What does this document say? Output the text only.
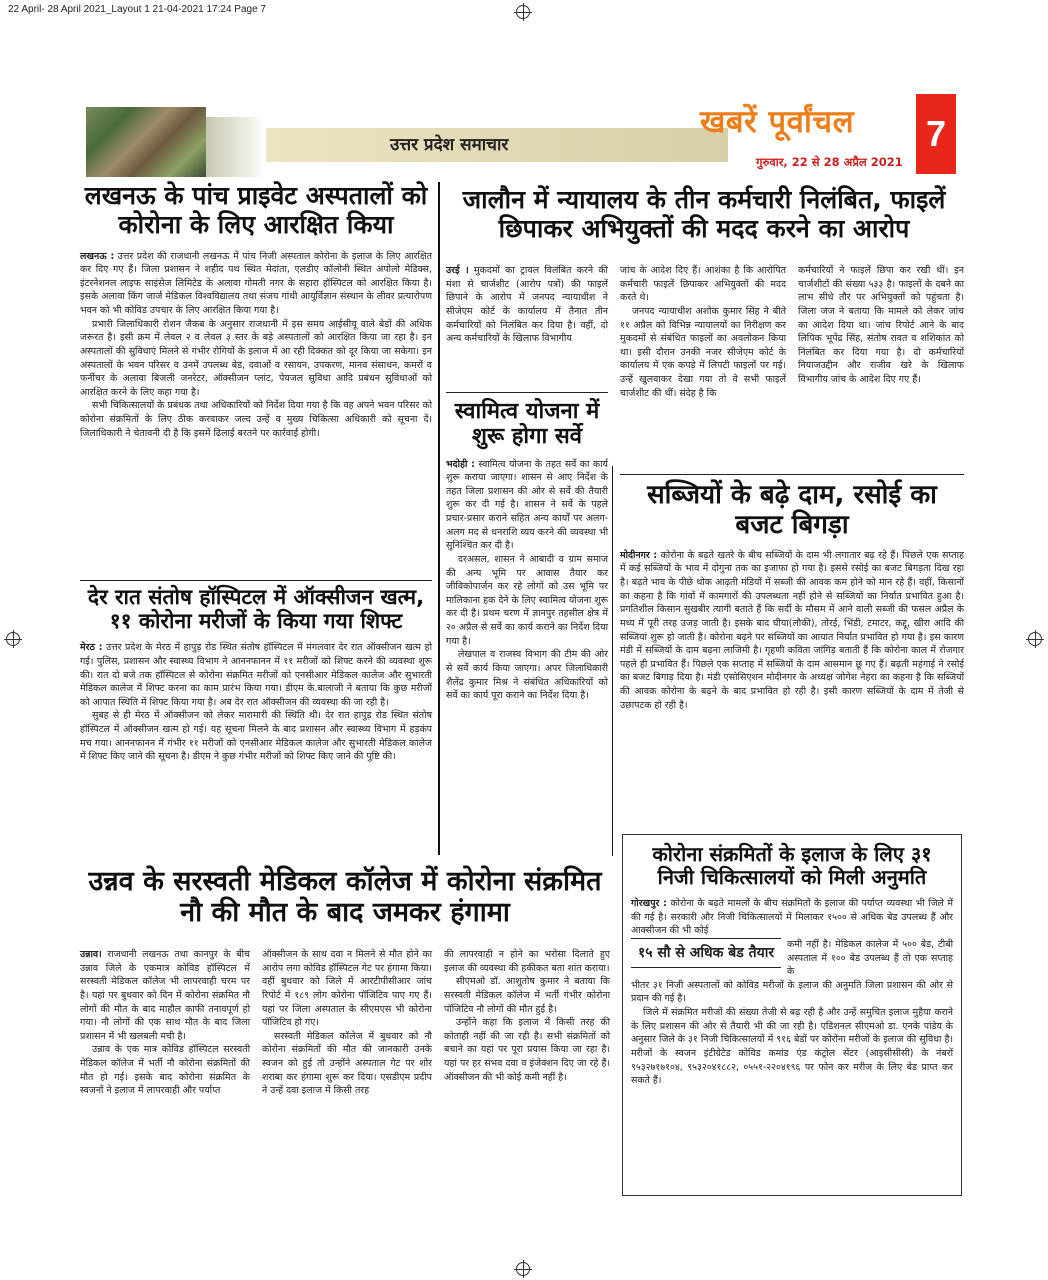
22 April- 28 April 2021_Layout 1 21-04-2021 17:24 Page 7
उत्तर प्रदेश समाचार
खबरें पूर्वांचल
गुरुवार, 22 से 28 अप्रैल 2021
7
लखनऊ के पांच प्राइवेट अस्पतालों को कोरोना के लिए आरक्षित किया

लखनऊ : उत्तर प्रदेश की राजधानी लखनऊ में पांच निजी अस्पताल कोरोना के इलाज के लिए आरक्षित कर दिए गए हैं। जिला प्रशासन ने शहीद पथ स्थित मेदांता, एलडीए कॉलोनी स्थित अपोलो मेडिक्स, इंटरनेशनल लाइफ साइंसेज लिमिटेड के अलावा गोमती नगर के सहारा हॉस्पिटल को आरक्षित किया है। इसके अलावा किंग जार्ज मेडिकल विश्वविद्यालय तथा संजय गांधी आयुर्विज्ञान संस्थान के लीवर प्रत्यारोपण भवन को भी कोविड उपचार के लिए आरक्षित किया गया है।

प्रभारी जिलाधिकारी रोशन जैकब के अनुसार राजधानी में इस समय आईसीयू वाले बेडों की अधिक जरूरत है। इसी क्रम में लेवल २ व लेवल ३ स्तर के बड़े अस्पतालों को आरक्षित किया जा रहा है। इन अस्पतालों की सुविधाएं मिलने से गंभीर रोगियों के इलाज में आ रही दिक्कत को दूर किया जा सकेगा। इन अस्पतालों के भवन परिसर व उनमें उपलब्ध बेड, दवाओं व रसायन, उपकरण, मानव संसाधन, कमरों व फर्नीचर के अलावा बिजली जनरेटर, ऑक्सीजन प्लांट, पेयजल सुविधा आदि प्रबंधन सुविधाओं को आरक्षित करने के लिए कहा गया है।

सभी चिकित्सालयों के प्रबंधक तथा अधिकारियों को निर्देश दिया गया है कि वह अपने भवन परिसर को कोरोना संक्रमितों के लिए ठीक करवाकर जल्द उन्हें व मुख्य चिकित्सा अधिकारी को सूचना दें। जिलाधिकारी ने चेतावनी दी है कि इसमें ढिलाई बरतने पर कार्रवाई होगी।

जालौन में न्यायालय के तीन कर्मचारी निलंबित, फाइलें छिपाकर अभियुक्तों की मदद करने का आरोप

उरई । मुकदमों का ट्रायल विलंबित करने की मंशा से चार्जशीट (आरोप पत्रों) की फाइलें छिपाने के आरोप में जनपद न्यायाधीश ने सीजेएम कोर्ट के कार्यालय में तैनात तीन कर्मचारियों को निलंबित कर दिया है। वहीं, दो अन्य कर्मचारियों के खिलाफ विभागीय

जांच के आदेश दिए हैं। आशंका है कि आरोपित कर्मचारी फाइलें छिपाकर अभियुक्तों की मदद करते थे।

जनपद न्यायाधीश अशोक कुमार सिंह ने बीते ११ अप्रैल को विभिन्न न्यायालयों का निरीक्षण कर मुकदमों से संबंधित फाइलों का अवलोकन किया था। इसी दौरान उनकी नजर सीजेएम कोर्ट के कार्यालय में एक कपड़े में लिपटी फाइलों पर गई। उन्हें खुलवाकर देखा गया तो वे सभी फाइलें चार्जशीट की थीं। संदेह है कि

कर्मचारियों ने फाइलें छिपा कर रखी थीं। इन चार्जशीटों की संख्या ५३३ है। फाइलों के दबने का लाभ सीधे तौर पर अभियुक्तों को पहुंचता है। जिला जज ने बताया कि मामले को लेकर जांच का आदेश दिया था। जांच रिपोर्ट आने के बाद लिपिक भूपेंद्र सिंह, संतोष रावत व शशिकांत को निलंबित कर दिया गया है। दो कर्मचारियों नियाजउद्दीन और राजीव खरे के खिलाफ विभागीय जांच के आदेश दिए गए हैं।

स्वामित्व योजना में शुरू होगा सर्वे

भदोही : स्वामित्व योजना के तहत सर्वे का कार्य शुरू कराया जाएगा। शासन से आए निर्देश के तहत जिला प्रशासन की ओर से सर्वे की तैयारी शुरू कर दी गई है। शासन ने सर्वे के पहले प्रचार-प्रसार कराने सहित अन्य कार्यों पर अलग-अलग मद से धनराशि व्यय करने की व्यवस्था भी सुनिश्चित कर दी है।

दरअसल, शासन ने आबादी व ग्राम समाज की अन्य भूमि पर आवास तैयार कर जीविकोपार्जन कर रहे लोगों को उस भूमि पर मालिकाना हक देने के लिए स्वामित्व योजना शुरू कर दी है। प्रथम चरण में ज्ञानपुर तहसील क्षेत्र में २० अप्रैल से सर्वे का कार्य कराने का निर्देश दिया गया है।

लेखपाल व राजस्व विभाग की टीम की ओर से सर्वे कार्य किया जाएगा। अपर जिलाधिकारी शैलेंद्र कुमार मिश्र ने संबंधित अधिकारियों को सर्वे का कार्य पूरा कराने का निर्देश दिया है।

सब्जियों के बढ़े दाम, रसोई का बजट बिगड़ा

मोदीनगर : कोरोना के बढ़ते खतरे के बीच सब्जियों के दाम भी लगातार बढ़ रहे हैं। पिछले एक सप्ताह में कई सब्जियों के भाव में दोगुना तक का इजाफा हो गया है। इससे रसोई का बजट बिगड़ता दिख रहा है। बढ़ते भाव के पीछे थोक आढ़ती मंडियों में सब्जी की आवक कम होने को मान रहे हैं। वहीं, किसानों का कहना है कि गांवों में कामगारों की उपलब्धता नहीं होने से सब्जियों का निर्यात प्रभावित हुआ है। प्रगतिशील किसान सुखबीर त्यागी बताते हैं कि सर्दी के मौसम में आने वाली सब्जी की फसल अप्रैल के मध्य में पूरी तरह उजड़ जाती है। इसके बाद घीया(लौकी), तोरई, भिंडी, टमाटर, कद्दू, खीरा आदि की सब्जियां शुरू हो जाती है। कोरोना बढ़ने पर सब्जियों का आयात निर्यात प्रभावित हो गया है। इस कारण मंडी में सब्जियों के दाम बढ़ना लाजिमी है। गृहणी कविता जांगिड़ बताती हैं कि कोरोना काल में रोजगार पहले ही प्रभावित हैं। पिछले एक सप्ताह में सब्जियों के दाम आसमान छू गए हैं। बढ़ती महंगाई ने रसोई का बजट बिगाड़ दिया है। मंडी एसोसिएशन मोदीनगर के अध्यक्ष जोगेश नेहरा का कहना है कि सब्जियों की आवक कोरोना के बढ़ने के बाद प्रभावित हो रही है। इसी कारण सब्जियों के दाम में तेजी से उछापटक हो रही है।

देर रात संतोष हॉस्पिटल में ऑक्सीजन खत्म, ११ कोरोना मरीजों के किया गया शिफ्ट

मेरठ : उत्तर प्रदेश के मेरठ में हापुड़ रोड स्थित संतोष हॉस्पिटल में मंगलवार देर रात ऑक्सीजन खत्म हो गई। पुलिस, प्रशासन और स्वास्थ्य विभाग ने आननफानन में ११ मरीजों को शिफ्ट करने की व्यवस्था शुरू की। रात दो बजे तक हॉस्पिटल से कोरोना संक्रमित मरीजों को एनसीआर मेडिकल कालेज और सुभारती मेडिकल कालेज में शिफ्ट करना का काम प्रारंभ किया गया। डीएम के.बालाजी ने बताया कि कुछ मरीजों को आपात स्थिति में शिफ्ट किया गया है। अब देर रात ऑक्सीजन की व्यवस्था की जा रही है।

सुबह से ही मेरठ में ऑक्सीजन को लेकर मारामारी की स्थिति थी। देर रात हापुड़ रोड स्थित संतोष हॉस्पिटल में ऑक्सीजन खत्म हो गई। यह सूचना मिलने के बाद प्रशासन और स्वास्थ्य विभाग में हड़कंप मच गया। आननफानन में गंभीर ११ मरीजों को एनसीआर मेडिकल कालेज और सुभारती मेडिकल कालेज में शिफ्ट किए जाने की सूचना है। डीएम ने कुछ गंभीर मरीजों को शिफ्ट किए जाने की पुष्टि की।

उन्नव के सरस्वती मेडिकल कॉलेज में कोरोना संक्रमित नौ की मौत के बाद जमकर हंगामा

उन्नाव। राजधानी लखनऊ तथा कानपुर के बीच उन्नाव जिले के एकमात्र कोविड हॉस्पिटल में सरस्वती मेडिकल कॉलेज भी लापरवाही चरम पर है। यहां पर बुधवार को दिन में कोरोना संक्रमित नौ लोगों की मौत के बाद माहौल काफी तनावपूर्ण हो गया। नौ लोगों की एक साथ मौत के बाद जिला प्रशासन में भी खलबली मची है।

उन्नाव के एक मात्र कोविड हॉस्पिटल सरस्वती मेडिकल कॉलेज में भर्ती नौ कोरोना संक्रमितों की मौत हो गई। इसके बाद कोरोना संक्रमित के स्वजनों ने इलाज में लापरवाही और पर्याप्त

ऑक्सीजन के साथ दवा न मिलने से मौत होने का आरोप लगा कोविड हॉस्पिटल गेट पर हंगामा किया। वहीं बुधवार को जिले में आरटीपीसीआर जांच रिपोर्ट में १८९ लोग कोरोना पॉजिटिव पाए गए हैं। यहां पर जिला अस्पताल के सीएमएस भी कोरोना पॉजिटिव हो गए।

सरस्वती मेडिकल कॉलेज में बुधवार को नौ कोरोना संक्रमितों की मौत की जानकारी उनके स्वजन को हुई तो उन्होंने अस्पताल गेट पर शोर शराबा कर हंगामा शुरू कर दिया। एसडीएम प्रदीप ने उन्हें दवा इलाज में किसी तरह

की लापरवाही न होने का भरोसा दिलाते हुए इलाज की व्यवस्था की हकीकत बता शांत कराया।

सीएमओ डॉ. आशुतोष कुमार ने बताया कि सरस्वती मेडिकल कॉलेज में भर्ती गंभीर कोरोना पॉजिटिव नौ लोगों की मौत हुई है।

उन्होंने कहा कि इलाज में किसी तरह की कोताही नहीं की जा रही है। सभी संक्रमितों को बचाने का यहां पर पूरा प्रयास किया जा रहा है। यहां पर हर संभव दवा व इंजेक्शन दिए जा रहे हैं। ऑक्सीजन की भी कोई कमी नहीं है।

कोरोना संक्रमितों के इलाज के लिए ३१ निजी चिकित्सालयों को मिली अनुमति

गोरखपुर : कोरोना के बढ़ते मामलों के बीच संक्रमितों के इलाज की पर्याप्त व्यवस्था भी जिले में की गई है। सरकारी और निजी चिकित्सालयों में मिलाकर १५०० से अधिक बेड उपलब्ध हैं और आक्सीजन की भी कोई

१५ सौ से अधिक बेड तैयार

कमी नहीं है। मेडिकल कालेज में ५०० बेड, टीबी अस्पताल में १०० बेड उपलब्ध हैं तो एक सप्ताह के

भीतर ३१ निजी अस्पतालों को कोविड मरीजों के इलाज की अनुमति जिला प्रशासन की ओर से प्रदान की गई है।

जिले में संक्रमित मरीजों की संख्या तेजी से बढ़ रही है और उन्हें समुचित इलाज मुहैया कराने के लिए प्रशासन की ओर से तैयारी भी की जा रही है। एडिशनल सीएमओ डा. एनके पांडेय के अनुसार जिले के ३१ निजी चिकित्सालयों में ९१६ बेडों पर कोरोना मरीजों के इलाज की सुविधा है। मरीजों के स्वजन इंटीग्रेटेड कोविड कमांड एंड कंट्रोल सेंटर (आइसीसीसी) के नंबरों ९५३२७१७१०४, ९५३२०४१८८२, ०५५१-२२०४१९६ पर फोन कर मरीज के लिए बेड प्राप्त कर सकते हैं।
